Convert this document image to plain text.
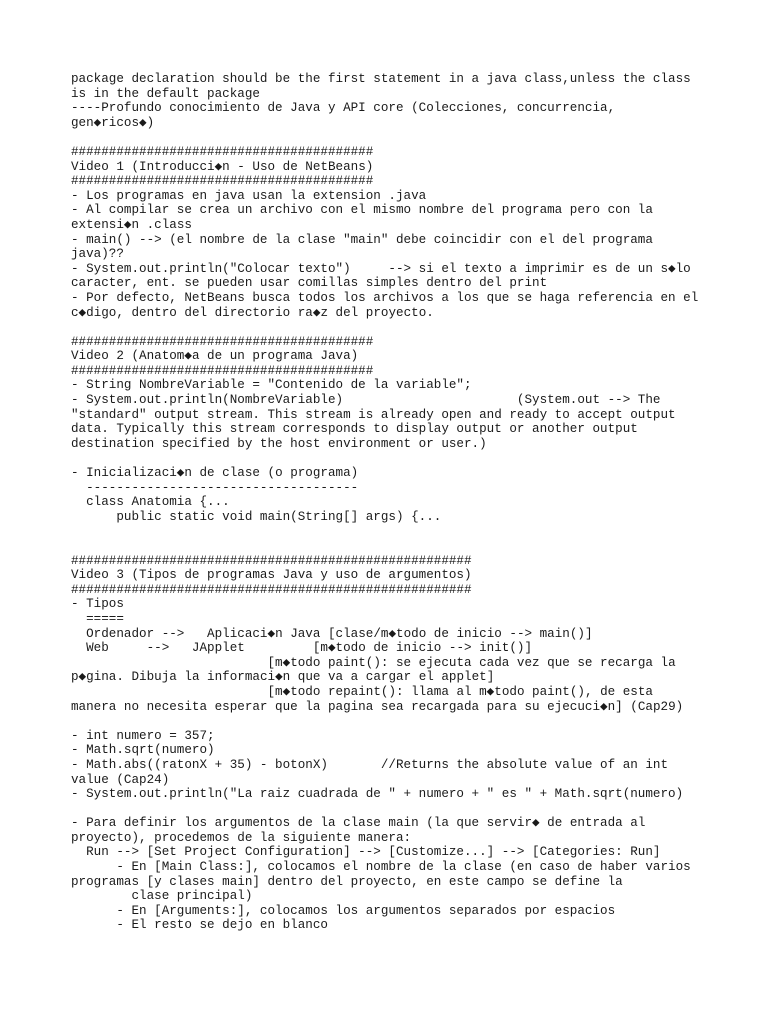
package declaration should be the first statement in a java class,unless the class
is in the default package
----Profundo conocimiento de Java y API core (Colecciones, concurrencia,
gen◆ricos◆)
########################################
Video 1 (Introducci◆n - Uso de NetBeans)
########################################
- Los programas en java usan la extension .java
- Al compilar se crea un archivo con el mismo nombre del programa pero con la
extensi◆n .class
- main() --> (el nombre de la clase "main" debe coincidir con el del programa
java)??
- System.out.println("Colocar texto")     --> si el texto a imprimir es de un s◆lo
caracter, ent. se pueden usar comillas simples dentro del print
- Por defecto, NetBeans busca todos los archivos a los que se haga referencia en el
c◆digo, dentro del directorio ra◆z del proyecto.
########################################
Video 2 (Anatom◆a de un programa Java)
########################################
- String NombreVariable = "Contenido de la variable";
- System.out.println(NombreVariable)                       (System.out --> The
"standard" output stream. This stream is already open and ready to accept output
data. Typically this stream corresponds to display output or another output
destination specified by the host environment or user.)
- Inicializaci◆n de clase (o programa)
------------------------------------
class Anatomia {...
public static void main(String[] args) {...
#####################################################
Video 3 (Tipos de programas Java y uso de argumentos)
#####################################################
- Tipos
=====
Ordenador -->   Aplicaci◆n Java [clase/m◆todo de inicio --> main()]
Web     -->   JApplet         [m◆todo de inicio --> init()]
[m◆todo paint(): se ejecuta cada vez que se recarga la
p◆gina. Dibuja la informaci◆n que va a cargar el applet]
[m◆todo repaint(): llama al m◆todo paint(), de esta
manera no necesita esperar que la pagina sea recargada para su ejecuci◆n] (Cap29)
- int numero = 357;
- Math.sqrt(numero)
- Math.abs((ratonX + 35) - botonX)       //Returns the absolute value of an int
value (Cap24)
- System.out.println("La raiz cuadrada de " + numero + " es " + Math.sqrt(numero)
- Para definir los argumentos de la clase main (la que servir◆ de entrada al
proyecto), procedemos de la siguiente manera:
Run --> [Set Project Configuration] --> [Customize...] --> [Categories: Run]
- En [Main Class:], colocamos el nombre de la clase (en caso de haber varios
programas [y clases main] dentro del proyecto, en este campo se define la
clase principal)
- En [Arguments:], colocamos los argumentos separados por espacios
- El resto se dejo en blanco
